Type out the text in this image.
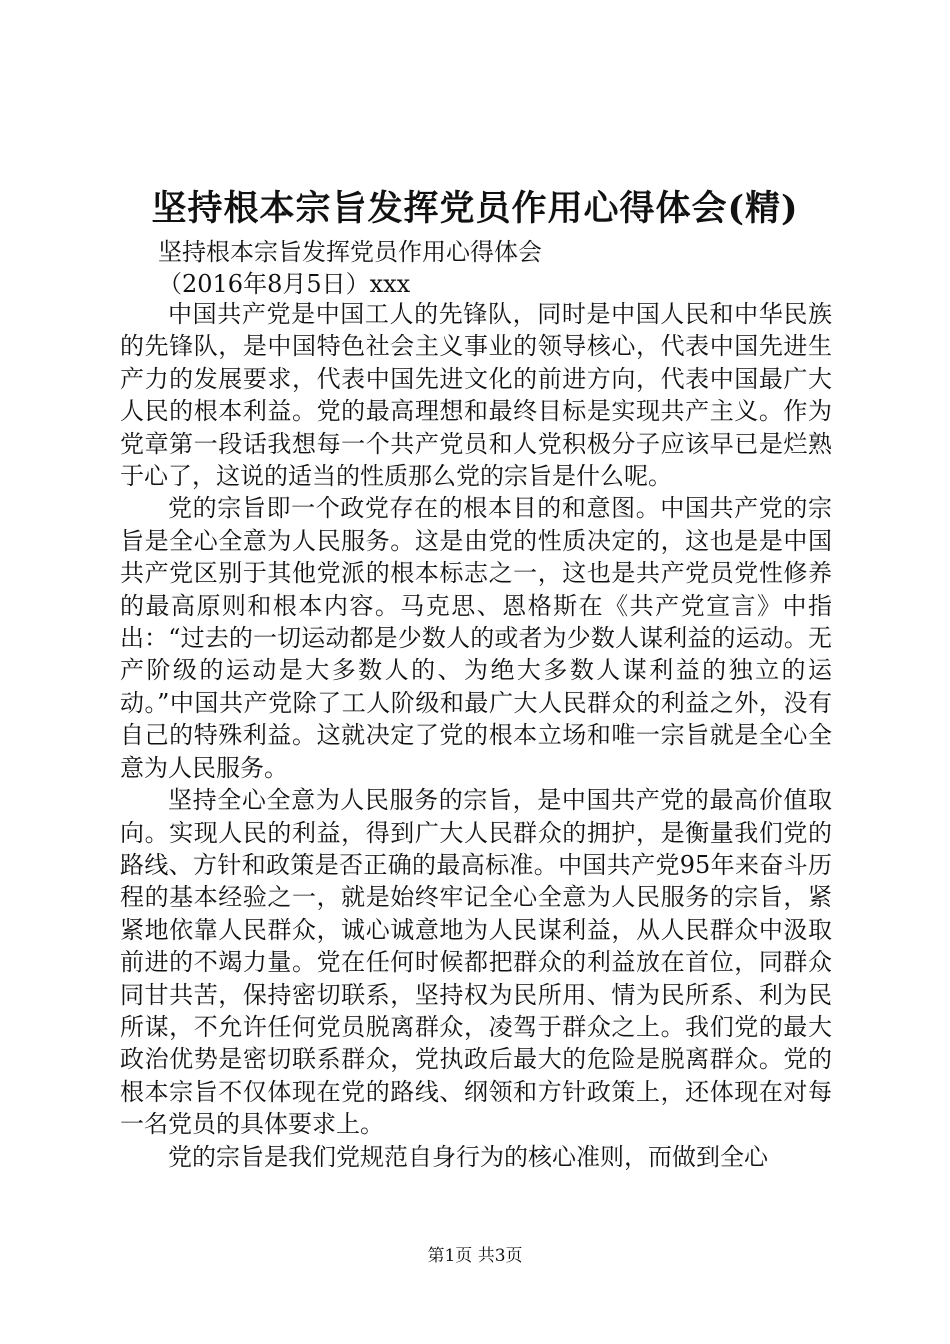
坚持根本宗旨发挥党员作用心得体会(精)
坚持根本宗旨发挥党员作用心得体会
（2016年8月5日）xxx

中国共产党是中国工人的先锋队，同时是中国人民和中华民族的先锋队，是中国特色社会主义事业的领导核心，代表中国先进生产力的发展要求，代表中国先进文化的前进方向，代表中国最广大人民的根本利益。党的最高理想和最终目标是实现共产主义。作为党章第一段话我想每一个共产党员和人党积极分子应该早已是烂熟于心了，这说的适当的性质那么党的宗旨是什么呢。

党的宗旨即一个政党存在的根本目的和意图。中国共产党的宗旨是全心全意为人民服务。这是由党的性质决定的，这也是是中国共产党区别于其他党派的根本标志之一，这也是共产党员党性修养的最高原则和根本内容。马克思、恩格斯在《共产党宣言》中指出：“过去的一切运动都是少数人的或者为少数人谋利益的运动。无产阶级的运动是大多数人的、为绝大多数人谋利益的独立的运动。”中国共产党除了工人阶级和最广大人民群众的利益之外，没有自己的特殊利益。这就决定了党的根本立场和唯一宗旨就是全心全意为人民服务。

坚持全心全意为人民服务的宗旨，是中国共产党的最高价值取向。实现人民的利益，得到广大人民群众的拥护，是衡量我们党的路线、方针和政策是否正确的最高标准。中国共产党95年来奋斗历程的基本经验之一，就是始终牢记全心全意为人民服务的宗旨，紧紧地依靠人民群众，诚心诚意地为人民谋利益，从人民群众中汲取前进的不竭力量。党在任何时候都把群众的利益放在首位，同群众同甘共苦，保持密切联系，坚持权为民所用、情为民所系、利为民所谋，不允许任何党员脱离群众，凌驾于群众之上。我们党的最大政治优势是密切联系群众，党执政后最大的危险是脱离群众。党的根本宗旨不仅体现在党的路线、纲领和方针政策上，还体现在对每一名党员的具体要求上。

党的宗旨是我们党规范自身行为的核心准则，而做到全心

第1页 共3页
